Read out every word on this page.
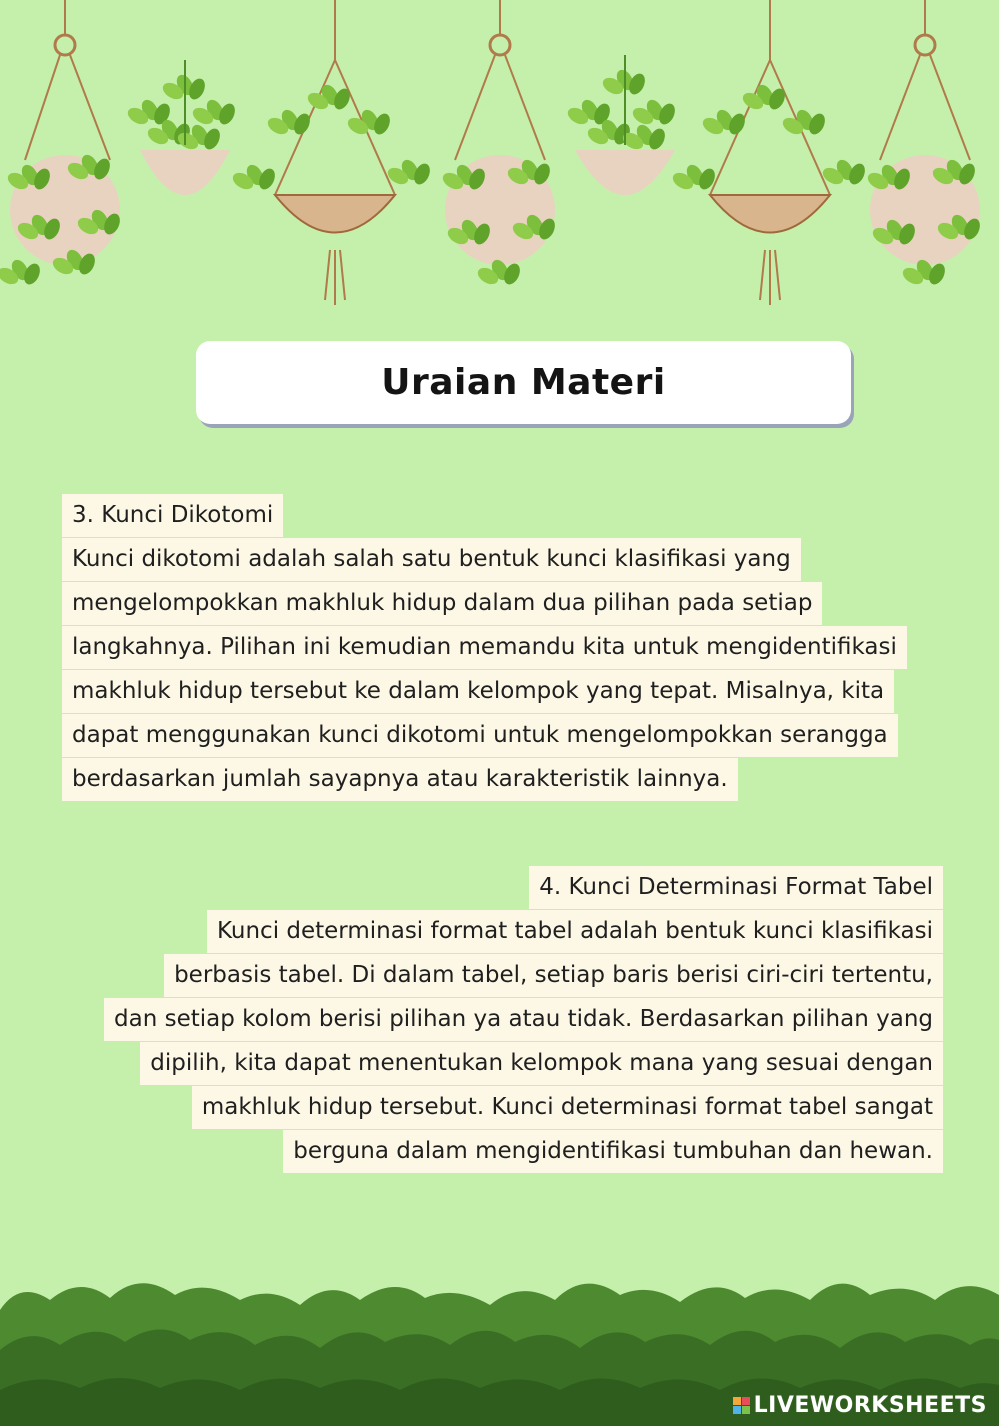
Uraian Materi
3. Kunci Dikotomi
Kunci dikotomi adalah salah satu bentuk kunci klasifikasi yang
mengelompokkan makhluk hidup dalam dua pilihan pada setiap
langkahnya. Pilihan ini kemudian memandu kita untuk mengidentifikasi
makhluk hidup tersebut ke dalam kelompok yang tepat. Misalnya, kita
dapat menggunakan kunci dikotomi untuk mengelompokkan serangga
berdasarkan jumlah sayapnya atau karakteristik lainnya.
4. Kunci Determinasi Format Tabel
Kunci determinasi format tabel adalah bentuk kunci klasifikasi
berbasis tabel. Di dalam tabel, setiap baris berisi ciri-ciri tertentu,
dan setiap kolom berisi pilihan ya atau tidak. Berdasarkan pilihan yang
dipilih, kita dapat menentukan kelompok mana yang sesuai dengan
makhluk hidup tersebut. Kunci determinasi format tabel sangat
berguna dalam mengidentifikasi tumbuhan dan hewan.
LIVEWORKSHEETS
